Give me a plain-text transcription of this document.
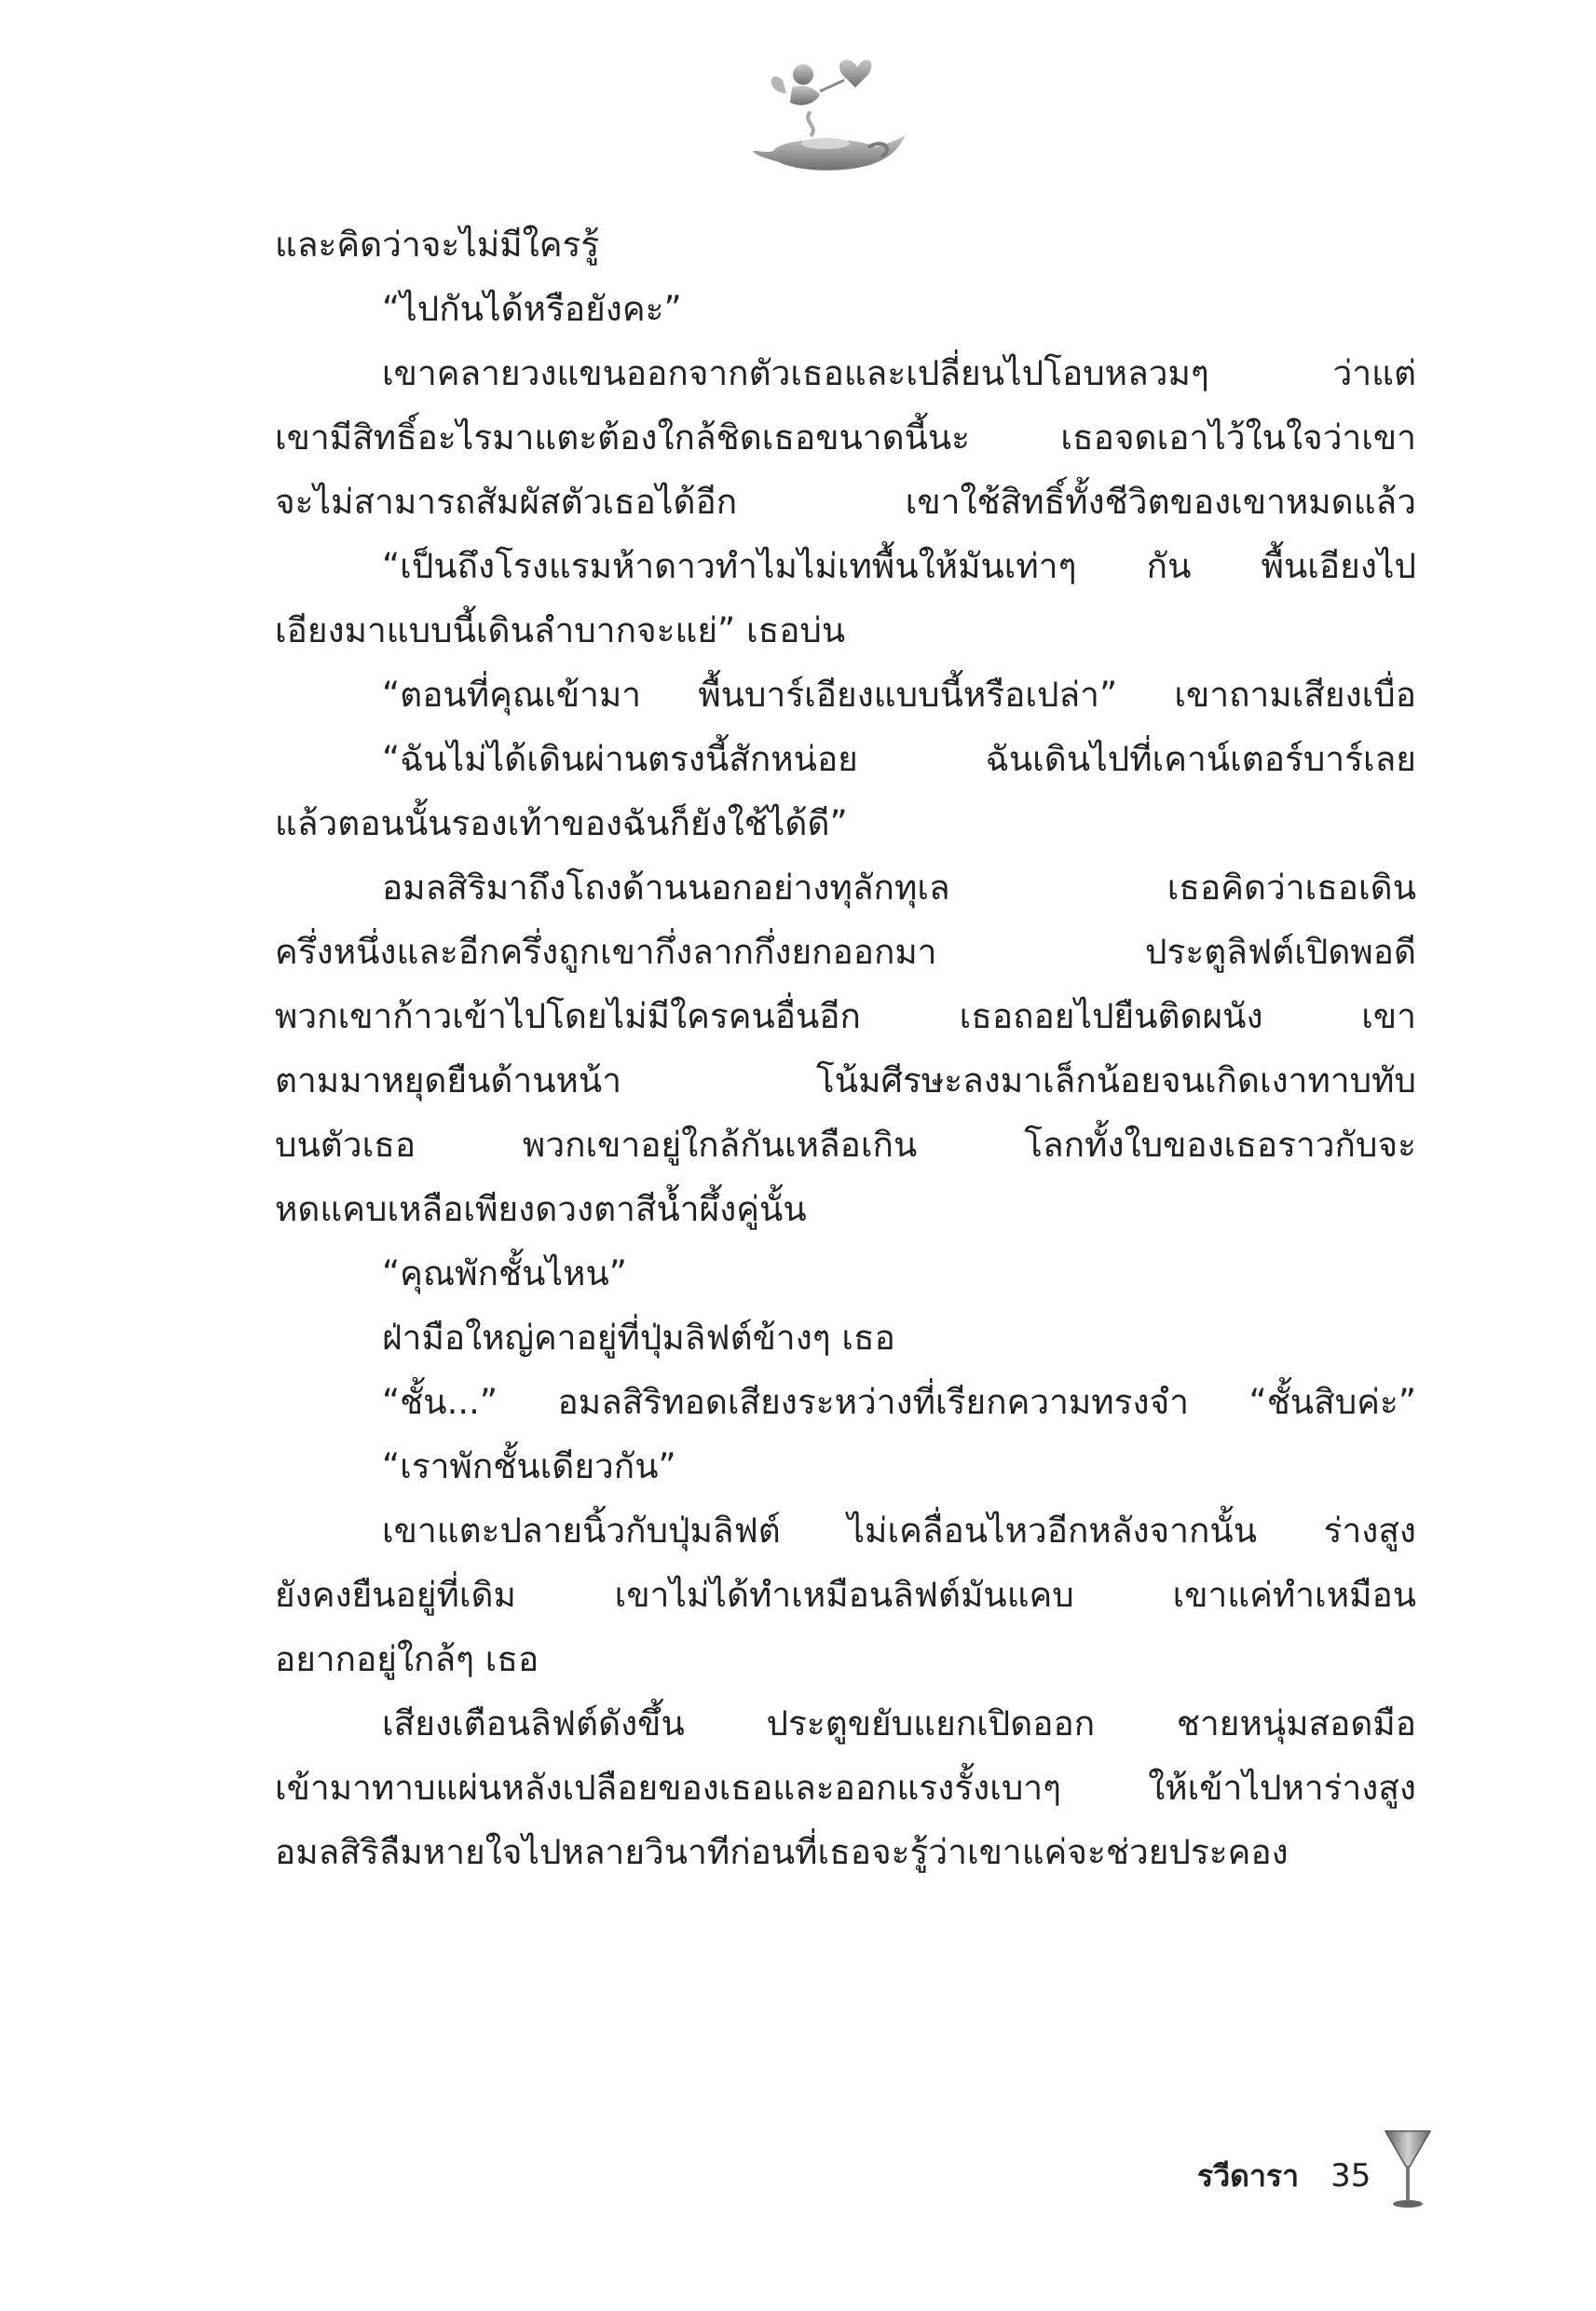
และคิดว่าจะไม่มีใครรู้
“ไปกันได้หรือยังคะ”
เขาคลายวงแขนออกจากตัวเธอและเปลี่ยนไปโอบหลวมๆ ว่าแต่
เขามีสิทธิ์อะไรมาแตะต้องใกล้ชิดเธอขนาดนี้นะ เธอจดเอาไว้ในใจว่าเขา
จะไม่สามารถสัมผัสตัวเธอได้อีก เขาใช้สิทธิ์ทั้งชีวิตของเขาหมดแล้ว
“เป็นถึงโรงแรมห้าดาวทำไมไม่เทพื้นให้มันเท่าๆ กัน พื้นเอียงไป
เอียงมาแบบนี้เดินลำบากจะแย่” เธอบ่น
“ตอนที่คุณเข้ามา พื้นบาร์เอียงแบบนี้หรือเปล่า” เขาถามเสียงเบื่อ
“ฉันไม่ได้เดินผ่านตรงนี้สักหน่อย ฉันเดินไปที่เคาน์เตอร์บาร์เลย
แล้วตอนนั้นรองเท้าของฉันก็ยังใช้ได้ดี”
อมลสิริมาถึงโถงด้านนอกอย่างทุลักทุเล เธอคิดว่าเธอเดิน
ครึ่งหนึ่งและอีกครึ่งถูกเขากึ่งลากกึ่งยกออกมา ประตูลิฟต์เปิดพอดี
พวกเขาก้าวเข้าไปโดยไม่มีใครคนอื่นอีก เธอถอยไปยืนติดผนัง เขา
ตามมาหยุดยืนด้านหน้า โน้มศีรษะลงมาเล็กน้อยจนเกิดเงาทาบทับ
บนตัวเธอ พวกเขาอยู่ใกล้กันเหลือเกิน โลกทั้งใบของเธอราวกับจะ
หดแคบเหลือเพียงดวงตาสีน้ำผึ้งคู่นั้น
“คุณพักชั้นไหน”
ฝ่ามือใหญ่คาอยู่ที่ปุ่มลิฟต์ข้างๆ เธอ
“ชั้น...” อมลสิริทอดเสียงระหว่างที่เรียกความทรงจำ “ชั้นสิบค่ะ”
“เราพักชั้นเดียวกัน”
เขาแตะปลายนิ้วกับปุ่มลิฟต์ ไม่เคลื่อนไหวอีกหลังจากนั้น ร่างสูง
ยังคงยืนอยู่ที่เดิม เขาไม่ได้ทำเหมือนลิฟต์มันแคบ เขาแค่ทำเหมือน
อยากอยู่ใกล้ๆ เธอ
เสียงเตือนลิฟต์ดังขึ้น ประตูขยับแยกเปิดออก ชายหนุ่มสอดมือ
เข้ามาทาบแผ่นหลังเปลือยของเธอและออกแรงรั้งเบาๆ ให้เข้าไปหาร่างสูง
อมลสิริลืมหายใจไปหลายวินาทีก่อนที่เธอจะรู้ว่าเขาแค่จะช่วยประคอง
รวีดารา 35
